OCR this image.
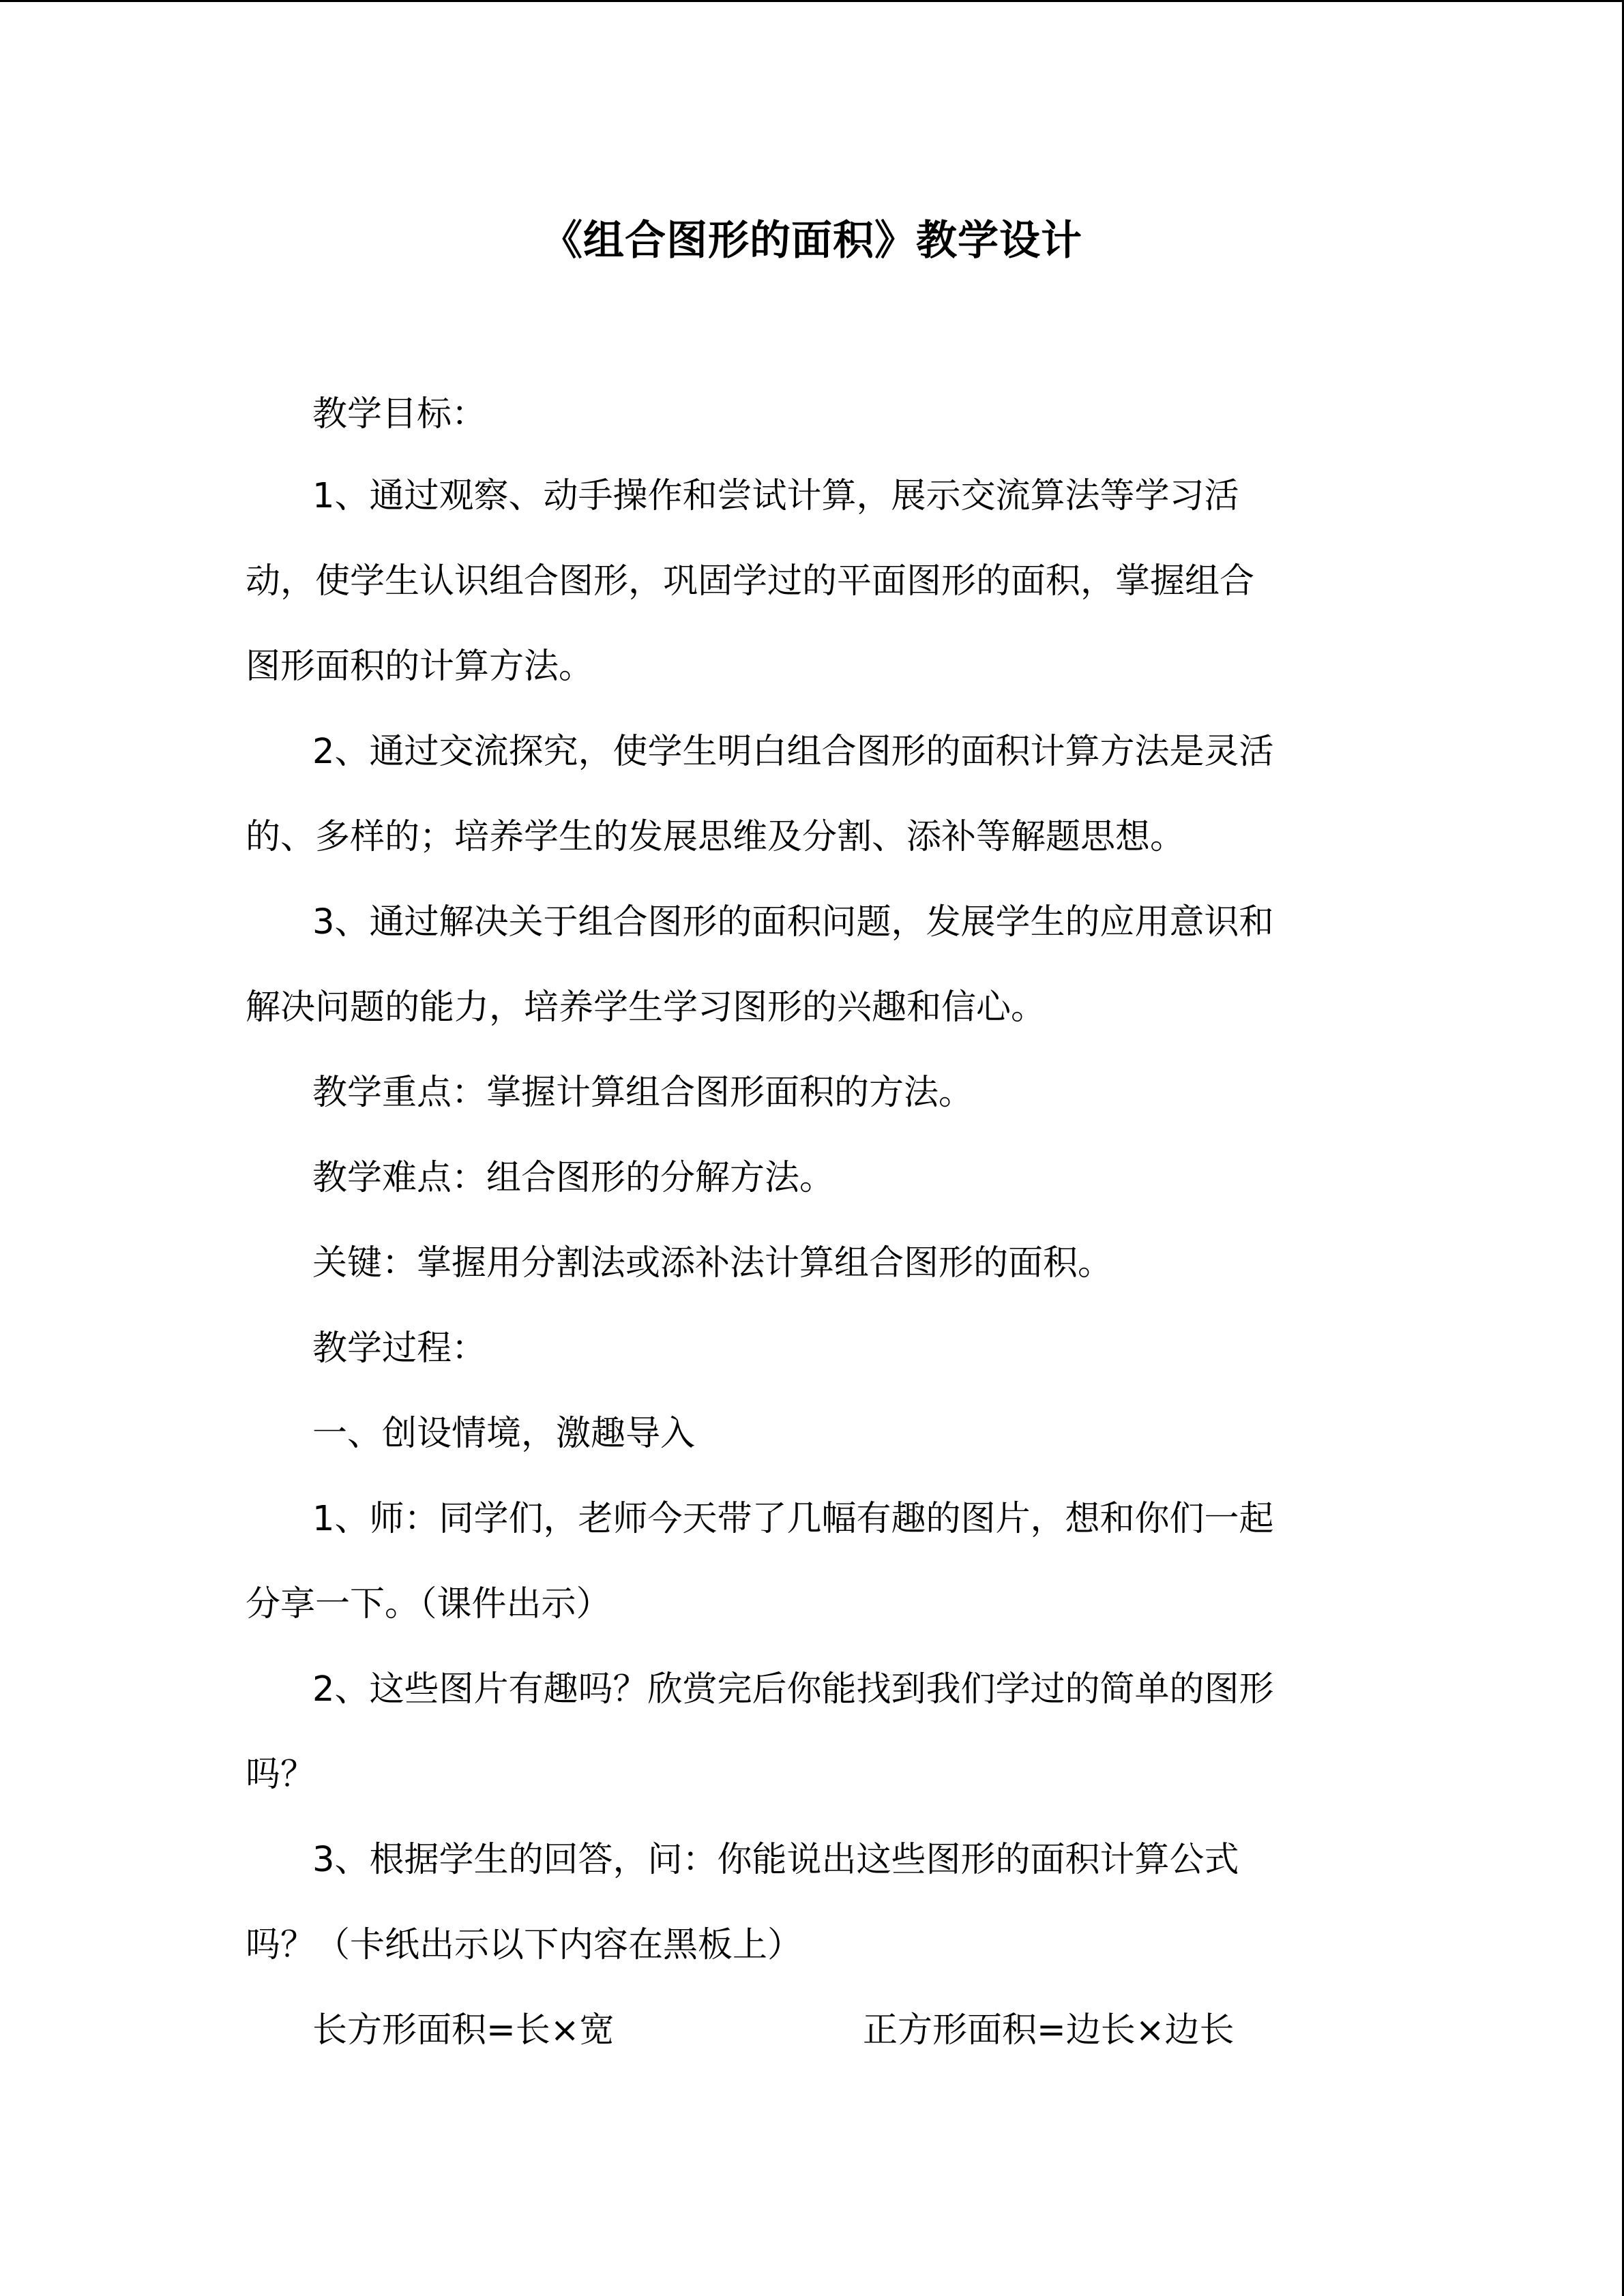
《组合图形的面积》教学设计
教学目标：
1、通过观察、动手操作和尝试计算，展示交流算法等学习活
动，使学生认识组合图形，巩固学过的平面图形的面积，掌握组合
图形面积的计算方法。
2、通过交流探究，使学生明白组合图形的面积计算方法是灵活
的、多样的；培养学生的发展思维及分割、添补等解题思想。
3、通过解决关于组合图形的面积问题，发展学生的应用意识和
解决问题的能力，培养学生学习图形的兴趣和信心。
教学重点：掌握计算组合图形面积的方法。
教学难点：组合图形的分解方法。
关键：掌握用分割法或添补法计算组合图形的面积。
教学过程：
一、创设情境，激趣导入
1、师：同学们，老师今天带了几幅有趣的图片，想和你们一起
分享一下。（课件出示）
2、这些图片有趣吗？欣赏完后你能找到我们学过的简单的图形
吗？
3、根据学生的回答，问：你能说出这些图形的面积计算公式
吗？（卡纸出示以下内容在黑板上）
长方形面积=长×宽	正方形面积=边长×边长
